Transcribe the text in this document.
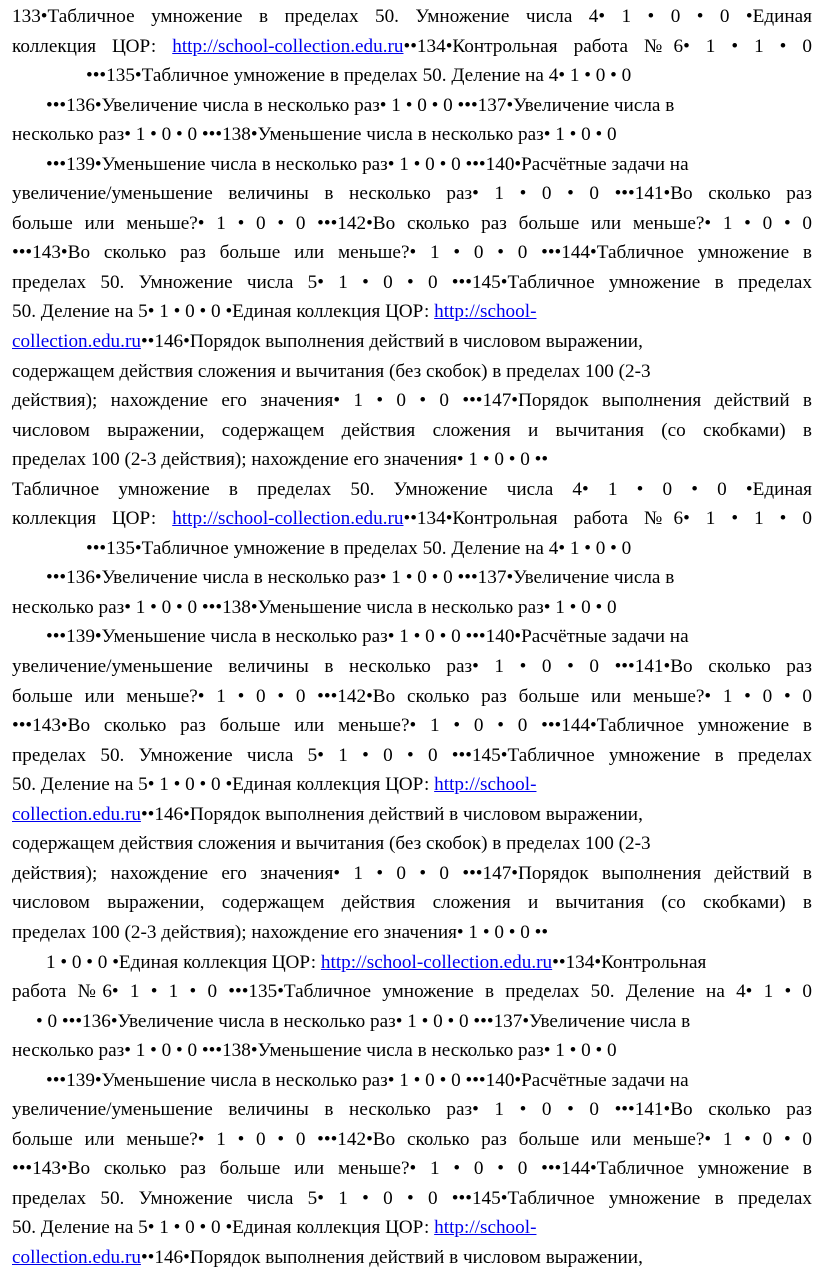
133•Табличное умножение в пределах 50. Умножение числа 4• 1 • 0 • 0 •Единая
коллекция ЦОР: http://school-collection.edu.ru••134•Контрольная работа №6• 1 • 1 • 0
•••135•Табличное умножение в пределах 50. Деление на 4• 1 • 0 • 0
•••136•Увеличение числа в несколько раз• 1 • 0 • 0 •••137•Увеличение числа в
несколько раз• 1 • 0 • 0 •••138•Уменьшение числа в несколько раз• 1 • 0 • 0
•••139•Уменьшение числа в несколько раз• 1 • 0 • 0 •••140•Расчётные задачи на
увеличение/уменьшение величины в несколько раз• 1 • 0 • 0 •••141•Во сколько раз
больше или меньше?• 1 • 0 • 0 •••142•Во сколько раз больше или меньше?• 1 • 0 • 0
•••143•Во сколько раз больше или меньше?• 1 • 0 • 0 •••144•Табличное умножение в
пределах 50. Умножение числа 5• 1 • 0 • 0 •••145•Табличное умножение в пределах
50. Деление на 5• 1 • 0 • 0 •Единая коллекция ЦОР: http://school-
collection.edu.ru••146•Порядок выполнения действий в числовом выражении,
содержащем действия сложения и вычитания (без скобок) в пределах 100 (2-3
действия); нахождение его значения• 1 • 0 • 0 •••147•Порядок выполнения действий в
числовом выражении, содержащем действия сложения и вычитания (со скобками) в
пределах 100 (2-3 действия); нахождение его значения• 1 • 0 • 0 ••
Табличное умножение в пределах 50. Умножение числа 4• 1 • 0 • 0 •Единая
коллекция ЦОР: http://school-collection.edu.ru••134•Контрольная работа №6• 1 • 1 • 0
•••135•Табличное умножение в пределах 50. Деление на 4• 1 • 0 • 0
•••136•Увеличение числа в несколько раз• 1 • 0 • 0 •••137•Увеличение числа в
несколько раз• 1 • 0 • 0 •••138•Уменьшение числа в несколько раз• 1 • 0 • 0
•••139•Уменьшение числа в несколько раз• 1 • 0 • 0 •••140•Расчётные задачи на
увеличение/уменьшение величины в несколько раз• 1 • 0 • 0 •••141•Во сколько раз
больше или меньше?• 1 • 0 • 0 •••142•Во сколько раз больше или меньше?• 1 • 0 • 0
•••143•Во сколько раз больше или меньше?• 1 • 0 • 0 •••144•Табличное умножение в
пределах 50. Умножение числа 5• 1 • 0 • 0 •••145•Табличное умножение в пределах
50. Деление на 5• 1 • 0 • 0 •Единая коллекция ЦОР: http://school-
collection.edu.ru••146•Порядок выполнения действий в числовом выражении,
содержащем действия сложения и вычитания (без скобок) в пределах 100 (2-3
действия); нахождение его значения• 1 • 0 • 0 •••147•Порядок выполнения действий в
числовом выражении, содержащем действия сложения и вычитания (со скобками) в
пределах 100 (2-3 действия); нахождение его значения• 1 • 0 • 0 ••
1 • 0 • 0 •Единая коллекция ЦОР: http://school-collection.edu.ru••134•Контрольная
работа №6• 1 • 1 • 0 •••135•Табличное умножение в пределах 50. Деление на 4• 1 • 0
• 0 •••136•Увеличение числа в несколько раз• 1 • 0 • 0 •••137•Увеличение числа в
несколько раз• 1 • 0 • 0 •••138•Уменьшение числа в несколько раз• 1 • 0 • 0
•••139•Уменьшение числа в несколько раз• 1 • 0 • 0 •••140•Расчётные задачи на
увеличение/уменьшение величины в несколько раз• 1 • 0 • 0 •••141•Во сколько раз
больше или меньше?• 1 • 0 • 0 •••142•Во сколько раз больше или меньше?• 1 • 0 • 0
•••143•Во сколько раз больше или меньше?• 1 • 0 • 0 •••144•Табличное умножение в
пределах 50. Умножение числа 5• 1 • 0 • 0 •••145•Табличное умножение в пределах
50. Деление на 5• 1 • 0 • 0 •Единая коллекция ЦОР: http://school-
collection.edu.ru••146•Порядок выполнения действий в числовом выражении,
